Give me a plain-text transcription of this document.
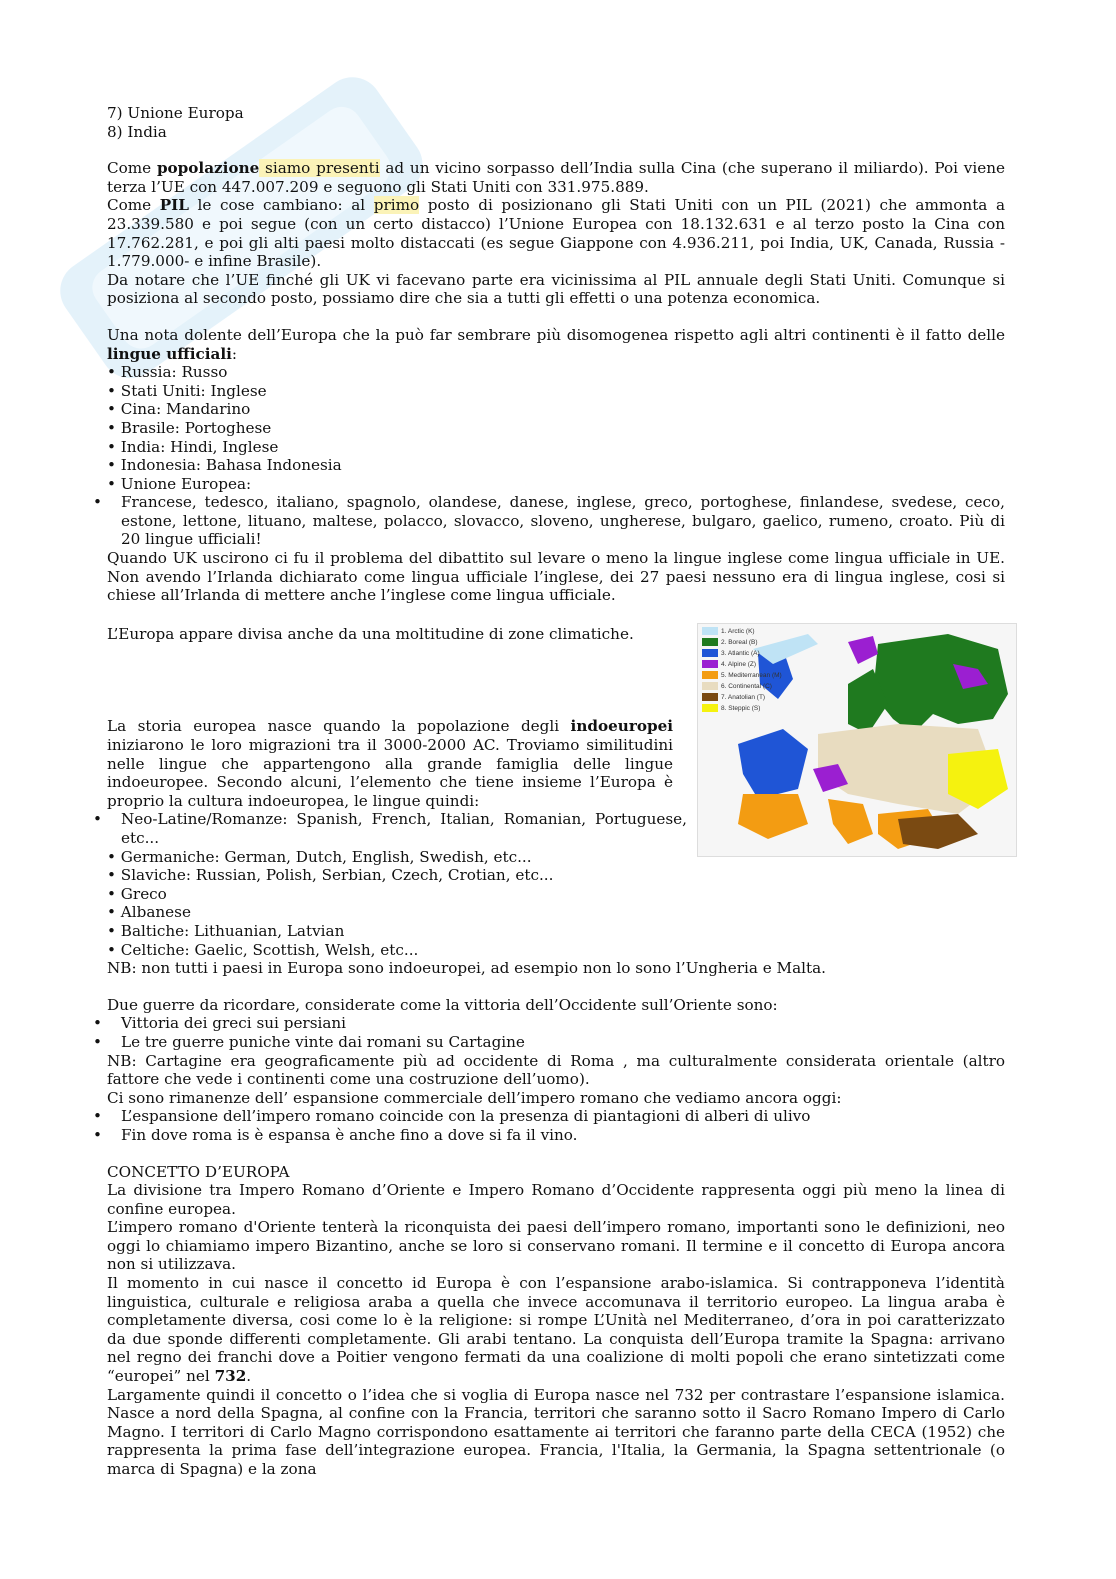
7) Unione Europa

8) India

Come popolazione siamo presenti ad un vicino sorpasso dell’India sulla Cina (che superano il miliardo). Poi viene terza l’UE con 447.007.209 e seguono gli Stati Uniti con 331.975.889.

Come PIL le cose cambiano: al primo posto di posizionano gli Stati Uniti con un PIL (2021) che ammonta a 23.339.580 e poi segue (con un certo distacco) l’Unione Europea con 18.132.631 e al terzo posto la Cina con 17.762.281, e poi gli alti paesi molto distaccati (es segue Giappone con 4.936.211, poi India, UK, Canada, Russia - 1.779.000- e infine Brasile).

Da notare che l’UE finché gli UK vi facevano parte era vicinissima al PIL annuale degli Stati Uniti. Comunque si posiziona al secondo posto, possiamo dire che sia a tutti gli effetti o una potenza economica.

Una nota dolente dell’Europa che la può far sembrare più disomogenea rispetto agli altri continenti è il fatto delle lingue ufficiali:

• Russia: Russo

• Stati Uniti: Inglese

• Cina: Mandarino

• Brasile: Portoghese

• India: Hindi, Inglese

• Indonesia: Bahasa Indonesia

• Unione Europea:

• Francese, tedesco, italiano, spagnolo, olandese, danese, inglese, greco, portoghese, finlandese, svedese, ceco, estone, lettone, lituano, maltese, polacco, slovacco, sloveno, ungherese, bulgaro, gaelico, rumeno, croato. Più di 20 lingue ufficiali!

Quando UK uscirono ci fu il problema del dibattito sul levare o meno la lingue inglese come lingua ufficiale in UE. Non avendo l’Irlanda dichiarato come lingua ufficiale l’inglese, dei 27 paesi nessuno era di lingua inglese, cosi si chiese all’Irlanda di mettere anche l’inglese come lingua ufficiale.

1. Arctic (K)
2. Boreal (B)
3. Atlantic (A)
4. Alpine (Z)
5. Mediterranean (M)
6. Continental (C)
7. Anatolian (T)
8. Steppic (S)

L’Europa appare divisa anche da una moltitudine di zone climatiche.

La storia europea nasce quando la popolazione degli indoeuropei iniziarono le loro migrazioni tra il 3000-2000 AC. Troviamo similitudini nelle lingue che appartengono alla grande famiglia delle lingue indoeuropee. Secondo alcuni, l’elemento che tiene insieme l’Europa è proprio la cultura indoeuropea, le lingue quindi:

• Neo-Latine/Romanze: Spanish, French, Italian, Romanian, Portuguese, etc...

• Germaniche: German, Dutch, English, Swedish, etc...

• Slaviche: Russian, Polish, Serbian, Czech, Crotian, etc...

• Greco

• Albanese

• Baltiche: Lithuanian, Latvian

• Celtiche: Gaelic, Scottish, Welsh, etc...

NB: non tutti i paesi in Europa sono indoeuropei, ad esempio non lo sono l’Ungheria e Malta.

Due guerre da ricordare, considerate come la vittoria dell’Occidente sull’Oriente sono:

• Vittoria dei greci sui persiani

• Le tre guerre puniche vinte dai romani su Cartagine

NB: Cartagine era geograficamente più ad occidente di Roma , ma culturalmente considerata orientale (altro fattore che vede i continenti come una costruzione dell’uomo).

Ci sono rimanenze dell’ espansione commerciale dell’impero romano che vediamo ancora oggi:

• L’espansione dell’impero romano coincide con la presenza di piantagioni di alberi di ulivo

• Fin dove roma is è espansa è anche fino a dove si fa il vino.

CONCETTO D’EUROPA

La divisione tra Impero Romano d’Oriente e Impero Romano d’Occidente rappresenta oggi più meno la linea di confine europea.

L’impero romano d'Oriente tenterà la riconquista dei paesi dell’impero romano, importanti sono le definizioni, neo oggi lo chiamiamo impero Bizantino, anche se loro si conservano romani. Il termine e il concetto di Europa ancora non si utilizzava.

Il momento in cui nasce il concetto id Europa è con l’espansione arabo-islamica. Si contrapponeva l’identità linguistica, culturale e religiosa araba a quella che invece accomunava il territorio europeo. La lingua araba è completamente diversa, cosi come lo è la religione: si rompe L’Unità nel Mediterraneo, d’ora in poi caratterizzato da due sponde differenti completamente. Gli arabi tentano. La conquista dell’Europa tramite la Spagna: arrivano nel regno dei franchi dove a Poitier vengono fermati da una coalizione di molti popoli che erano sintetizzati come “europei” nel 732.

Largamente quindi il concetto o l’idea che si voglia di Europa nasce nel 732 per contrastare l’espansione islamica. Nasce a nord della Spagna, al confine con la Francia, territori che saranno sotto il Sacro Romano Impero di Carlo Magno. I territori di Carlo Magno corrispondono esattamente ai territori che faranno parte della CECA (1952) che rappresenta la prima fase dell’integrazione europea. Francia, l'Italia, la Germania, la Spagna settentrionale (o marca di Spagna) e la zona
